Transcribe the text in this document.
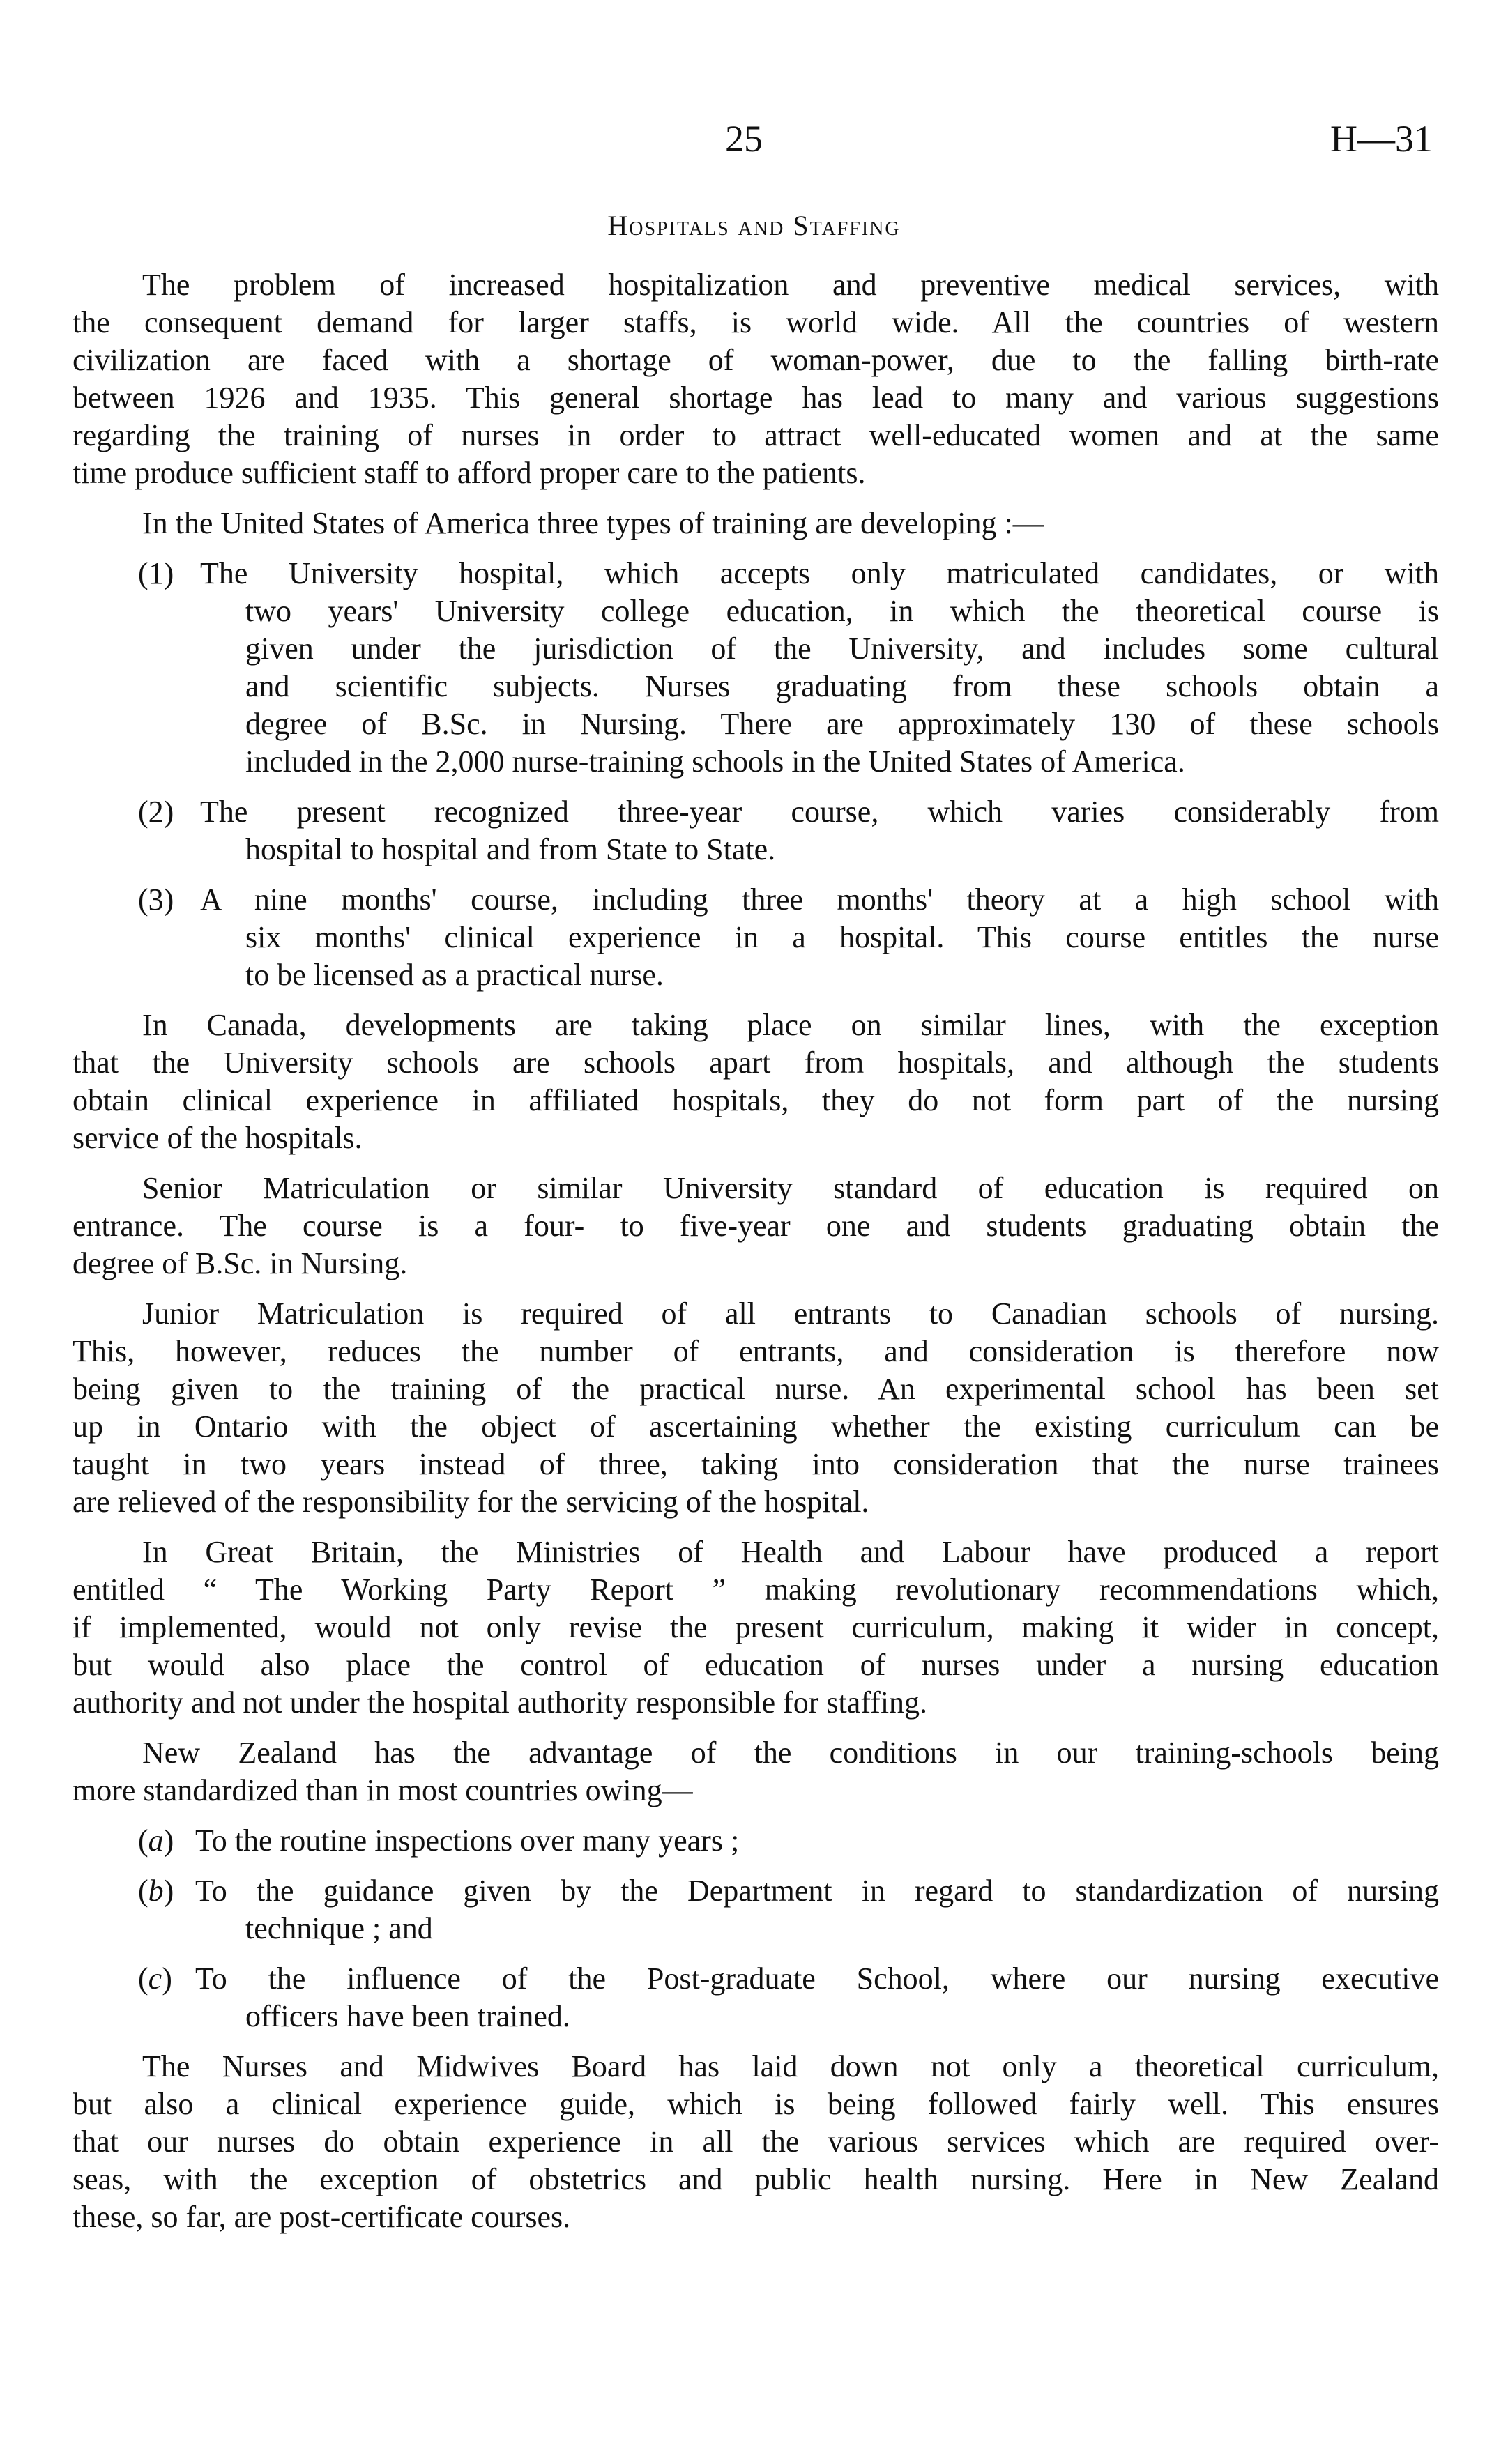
25	H—31
Hospitals and Staffing
The problem of increased hospitalization and preventive medical services, with
the consequent demand for larger staffs, is world wide. All the countries of western
civilization are faced with a shortage of woman-power, due to the falling birth-rate
between 1926 and 1935. This general shortage has lead to many and various suggestions
regarding the training of nurses in order to attract well-educated women and at the same
time produce sufficient staff to afford proper care to the patients.
In the United States of America three types of training are developing :—
(1) The University hospital, which accepts only matriculated candidates, or with
two years' University college education, in which the theoretical course is
given under the jurisdiction of the University, and includes some cultural
and scientific subjects. Nurses graduating from these schools obtain a
degree of B.Sc. in Nursing. There are approximately 130 of these schools
included in the 2,000 nurse-training schools in the United States of America.
(2) The present recognized three-year course, which varies considerably from
hospital to hospital and from State to State.
(3) A nine months' course, including three months' theory at a high school with
six months' clinical experience in a hospital. This course entitles the nurse
to be licensed as a practical nurse.
In Canada, developments are taking place on similar lines, with the exception
that the University schools are schools apart from hospitals, and although the students
obtain clinical experience in affiliated hospitals, they do not form part of the nursing
service of the hospitals.
Senior Matriculation or similar University standard of education is required on
entrance. The course is a four- to five-year one and students graduating obtain the
degree of B.Sc. in Nursing.
Junior Matriculation is required of all entrants to Canadian schools of nursing.
This, however, reduces the number of entrants, and consideration is therefore now
being given to the training of the practical nurse. An experimental school has been set
up in Ontario with the object of ascertaining whether the existing curriculum can be
taught in two years instead of three, taking into consideration that the nurse trainees
are relieved of the responsibility for the servicing of the hospital.
In Great Britain, the Ministries of Health and Labour have produced a report
entitled “ The Working Party Report ” making revolutionary recommendations which,
if implemented, would not only revise the present curriculum, making it wider in concept,
but would also place the control of education of nurses under a nursing education
authority and not under the hospital authority responsible for staffing.
New Zealand has the advantage of the conditions in our training-schools being
more standardized than in most countries owing—
(a) To the routine inspections over many years ;
(b) To the guidance given by the Department in regard to standardization of nursing
technique ; and
(c) To the influence of the Post-graduate School, where our nursing executive
officers have been trained.
The Nurses and Midwives Board has laid down not only a theoretical curriculum,
but also a clinical experience guide, which is being followed fairly well. This ensures
that our nurses do obtain experience in all the various services which are required over-
seas, with the exception of obstetrics and public health nursing. Here in New Zealand
these, so far, are post-certificate courses.
